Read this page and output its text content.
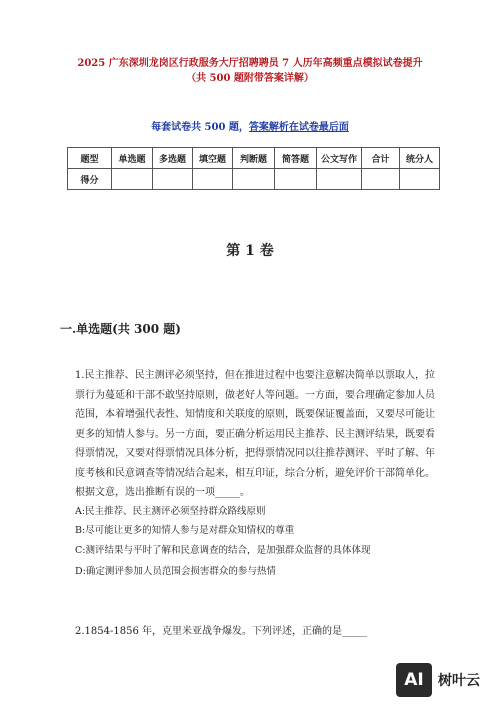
2025 广东深圳龙岗区行政服务大厅招聘聘员 7 人历年高频重点模拟试卷提升
（共 500 题附带答案详解）
每套试卷共 500 题，答案解析在试卷最后面
题型	单选题	多选题	填空题	判断题	简答题	公文写作	合计	统分人
得分								
第 1 卷
一.单选题(共 300 题)

1.民主推荐、民主测评必须坚持，但在推进过程中也要注意解决简单以票取人，拉票行为蔓延和干部不敢坚持原则，做老好人等问题。一方面，要合理确定参加人员范围，本着增强代表性、知情度和关联度的原则，既要保证覆盖面，又要尽可能让更多的知情人参与。另一方面，要正确分析运用民主推荐、民主测评结果，既要看得票情况，又要对得票情况具体分析，把得票情况同以往推荐测评、平时了解、年度考核和民意调查等情况结合起来，相互印证，综合分析，避免评价干部简单化。根据文意，选出推断有误的一项_____。

A:民主推荐、民主测评必须坚持群众路线原则
B:尽可能让更多的知情人参与是对群众知情权的尊重
C:测评结果与平时了解和民意调查的结合，是加强群众监督的具体体现
D:确定测评参加人员范围会损害群众的参与热情
2.1854-1856 年，克里米亚战争爆发。下列评述，正确的是_____
AI	树叶云
